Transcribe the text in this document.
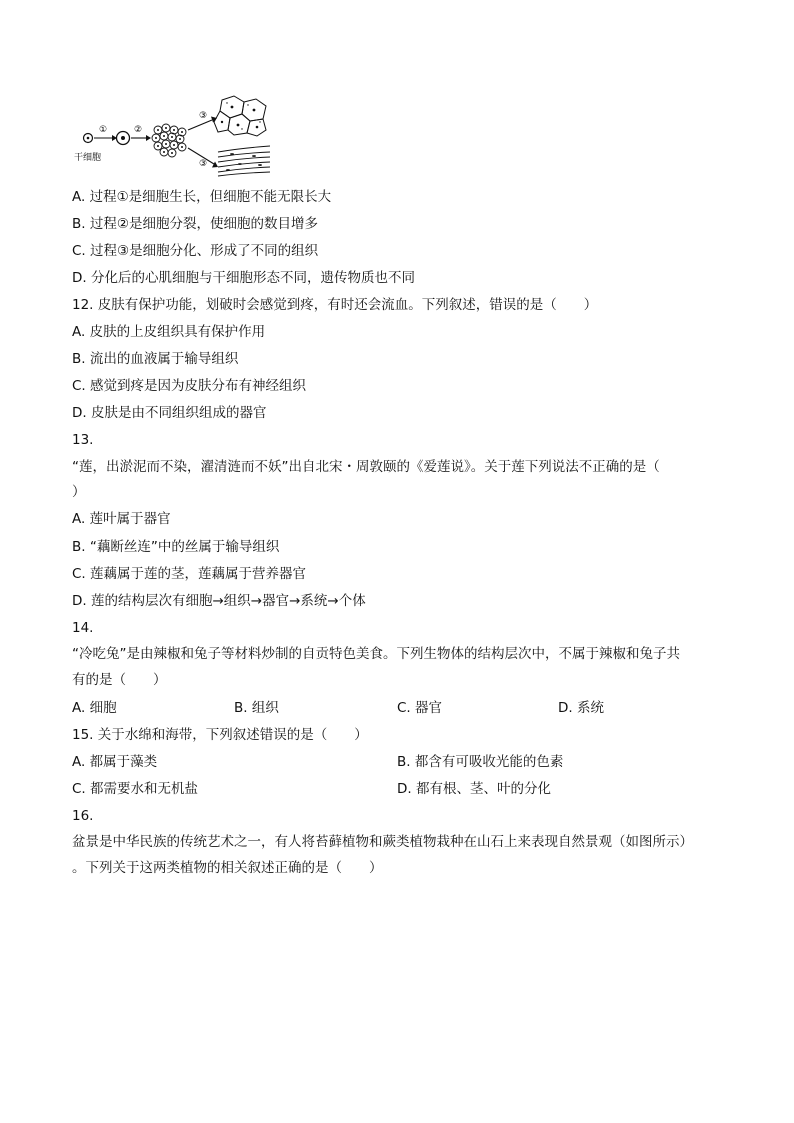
①	②
③
③
干细胞
A. 过程①是细胞生长，但细胞不能无限长大
B. 过程②是细胞分裂，使细胞的数目增多
C. 过程③是细胞分化、形成了不同的组织
D. 分化后的心肌细胞与干细胞形态不同，遗传物质也不同
12. 皮肤有保护功能，划破时会感觉到疼，有时还会流血。下列叙述，错误的是（　　）
A. 皮肤的上皮组织具有保护作用
B. 流出的血液属于输导组织
C. 感觉到疼是因为皮肤分布有神经组织
D. 皮肤是由不同组织组成的器官
13.
“莲，出淤泥而不染，濯清涟而不妖”出自北宋・周敦颐的《爱莲说》。关于莲下列说法不正确的是（
）
A. 莲叶属于器官
B. “藕断丝连”中的丝属于输导组织
C. 莲藕属于莲的茎，莲藕属于营养器官
D. 莲的结构层次有细胞→组织→器官→系统→个体
14.
“冷吃兔”是由辣椒和兔子等材料炒制的自贡特色美食。下列生物体的结构层次中，不属于辣椒和兔子共
有的是（　　）
A. 细胞	B. 组织	C. 器官	D. 系统
15. 关于水绵和海带，下列叙述错误的是（　　）
A. 都属于藻类	B. 都含有可吸收光能的色素
C. 都需要水和无机盐	D. 都有根、茎、叶的分化
16.
盆景是中华民族的传统艺术之一，有人将苔藓植物和蕨类植物栽种在山石上来表现自然景观（如图所示）
。下列关于这两类植物的相关叙述正确的是（　　）
